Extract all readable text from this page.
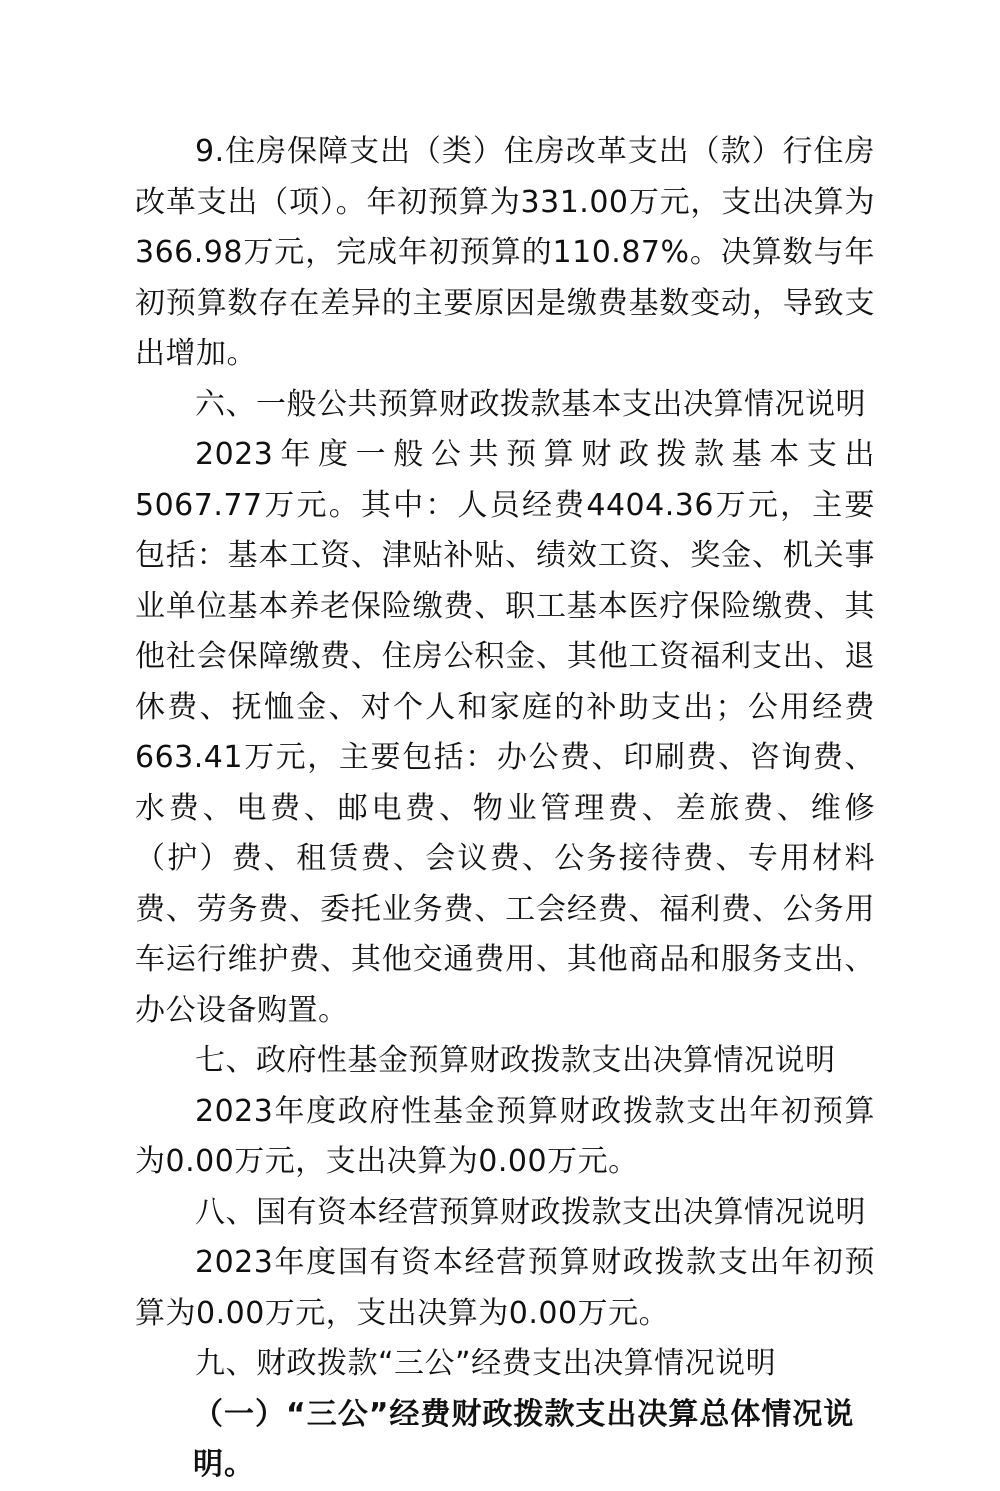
9.住房保障支出（类）住房改革支出（款）行住房改革支出（项）。年初预算为331.00万元，支出决算为366.98万元，完成年初预算的110.87%。决算数与年初预算数存在差异的主要原因是缴费基数变动，导致支出增加。

六、一般公共预算财政拨款基本支出决算情况说明

2023年度一般公共预算财政拨款基本支出5067.77万元。其中：人员经费4404.36万元，主要包括：基本工资、津贴补贴、绩效工资、奖金、机关事业单位基本养老保险缴费、职工基本医疗保险缴费、其他社会保障缴费、住房公积金、其他工资福利支出、退休费、抚恤金、对个人和家庭的补助支出；公用经费663.41万元，主要包括：办公费、印刷费、咨询费、水费、电费、邮电费、物业管理费、差旅费、维修（护）费、租赁费、会议费、公务接待费、专用材料费、劳务费、委托业务费、工会经费、福利费、公务用车运行维护费、其他交通费用、其他商品和服务支出、办公设备购置。

七、政府性基金预算财政拨款支出决算情况说明

2023年度政府性基金预算财政拨款支出年初预算为0.00万元，支出决算为0.00万元。

八、国有资本经营预算财政拨款支出决算情况说明

2023年度国有资本经营预算财政拨款支出年初预算为0.00万元，支出决算为0.00万元。

九、财政拨款“三公”经费支出决算情况说明
（一）“三公”经费财政拨款支出决算总体情况说明。
